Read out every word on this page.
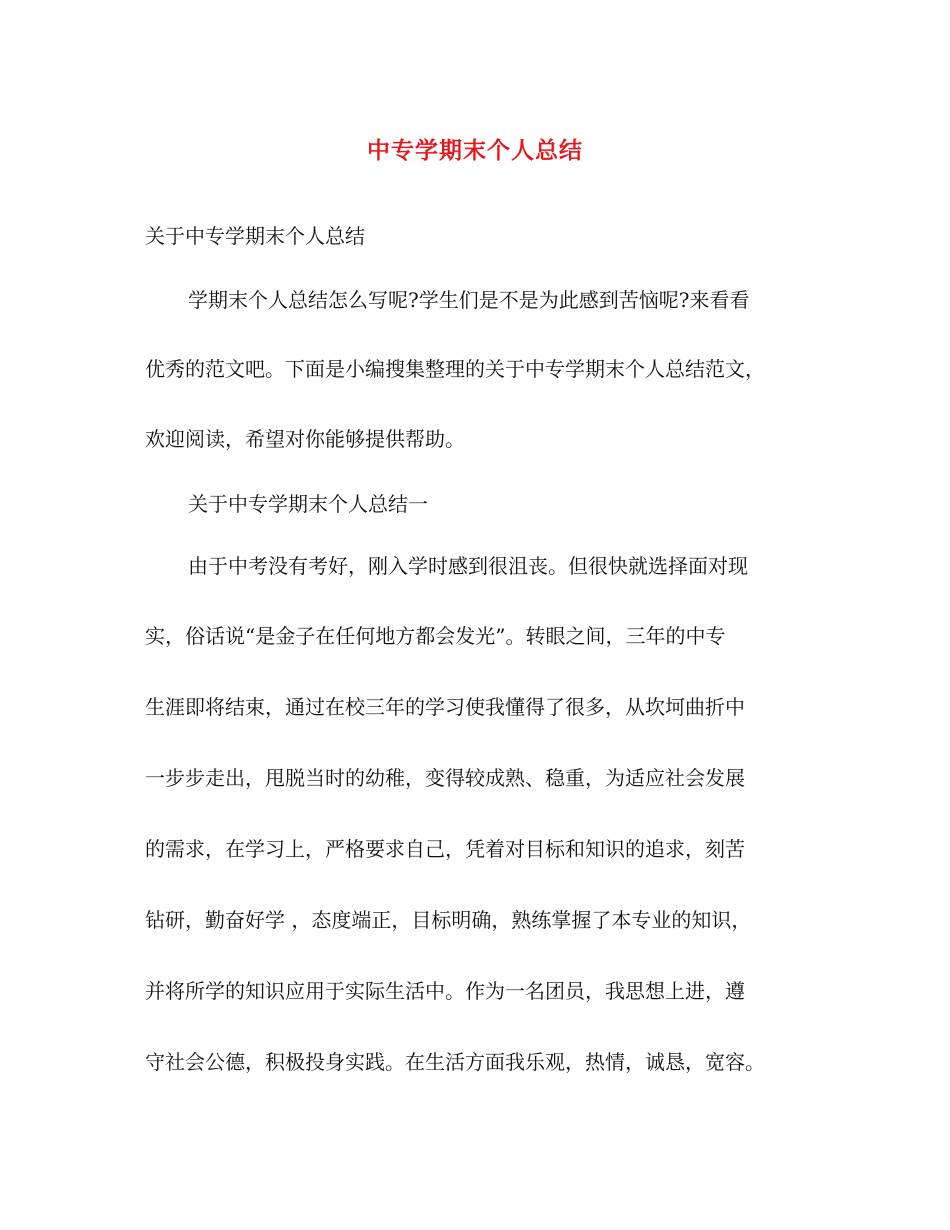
中专学期末个人总结
关于中专学期末个人总结
学期末个人总结怎么写呢?学生们是不是为此感到苦恼呢?来看看
优秀的范文吧。下面是小编搜集整理的关于中专学期末个人总结范文，
欢迎阅读，希望对你能够提供帮助。
关于中专学期末个人总结一
由于中考没有考好，刚入学时感到很沮丧。但很快就选择面对现
实，俗话说“是金子在任何地方都会发光”。转眼之间，三年的中专
生涯即将结束，通过在校三年的学习使我懂得了很多，从坎坷曲折中
一步步走出，甩脱当时的幼稚，变得较成熟、稳重，为适应社会发展
的需求，在学习上，严格要求自己，凭着对目标和知识的追求，刻苦
钻研，勤奋好学 ，态度端正，目标明确，熟练掌握了本专业的知识，
并将所学的知识应用于实际生活中。作为一名团员，我思想上进，遵
守社会公德，积极投身实践。在生活方面我乐观，热情，诚恳，宽容。
